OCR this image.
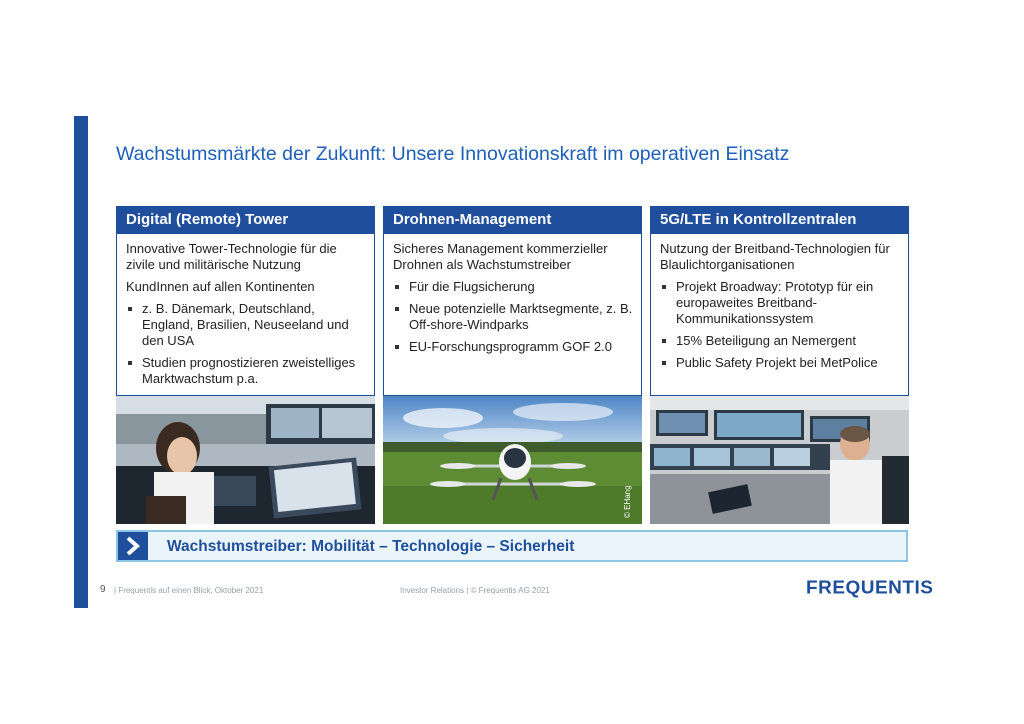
Wachstumsmärkte der Zukunft: Unsere Innovationskraft im operativen Einsatz
Digital (Remote) Tower

Innovative Tower-Technologie für die zivile und militärische Nutzung

KundInnen auf allen Kontinenten

z. B. Dänemark, Deutschland, England, Brasilien, Neuseeland und den USA
Studien prognostizieren zweistelliges Marktwachstum p.a.
Drohnen-Management

Sicheres Management kommerzieller Drohnen als Wachstumstreiber

Für die Flugsicherung
Neue potenzielle Marktsegmente, z. B. Off-shore-Windparks
EU-Forschungsprogramm GOF 2.0
© EHang
5G/LTE in Kontrollzentralen

Nutzung der Breitband-Technologien für Blaulichtorganisationen

Projekt Broadway: Prototyp für ein europaweites Breitband-Kommunikationssystem
15% Beteiligung an Nemergent
Public Safety Projekt bei MetPolice
Wachstumstreiber: Mobilität – Technologie – Sicherheit
9 | Frequentis auf einen Blick, Oktober 2021	Investor Relations | © Frequentis AG 2021	FREQUENTIS
